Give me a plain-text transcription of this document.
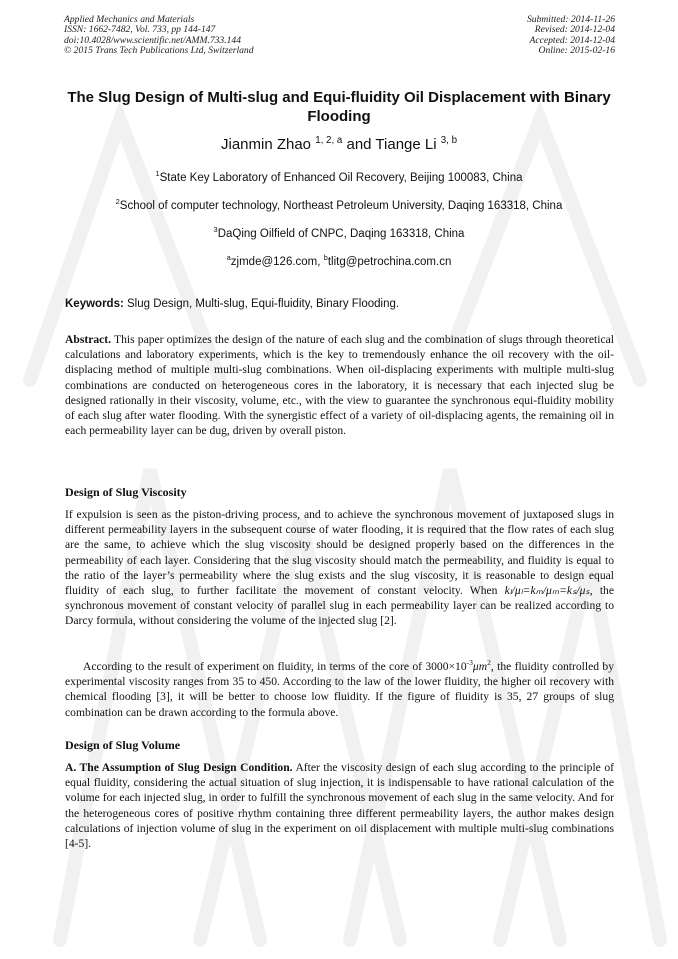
Applied Mechanics and Materials
ISSN: 1662-7482, Vol. 733, pp 144-147
doi:10.4028/www.scientific.net/AMM.733.144
© 2015 Trans Tech Publications Ltd, Switzerland
Submitted: 2014-11-26
Revised: 2014-12-04
Accepted: 2014-12-04
Online: 2015-02-16
The Slug Design of Multi-slug and Equi-fluidity Oil Displacement with Binary Flooding
Jianmin Zhao $^{1, 2, a}$ and Tiange Li $^{3, b}$
$^1$State Key Laboratory of Enhanced Oil Recovery, Beijing 100083, China
$^2$School of computer technology, Northeast Petroleum University, Daqing 163318, China
$^3$DaQing Oilfield of CNPC, Daqing 163318, China
$^a$zjmde@126.com, $^b$tlitg@petrochina.com.cn
Keywords: Slug Design, Multi-slug, Equi-fluidity, Binary Flooding.
Abstract. This paper optimizes the design of the nature of each slug and the combination of slugs through theoretical calculations and laboratory experiments, which is the key to tremendously enhance the oil recovery with the oil-displacing method of multiple multi-slug combinations. When oil-displacing experiments with multiple multi-slug combinations are conducted on heterogeneous cores in the laboratory, it is necessary that each injected slug be designed rationally in their viscosity, volume, etc., with the view to guarantee the synchronous equi-fluidity mobility of each slug after water flooding. With the synergistic effect of a variety of oil-displacing agents, the remaining oil in each permeability layer can be dug, driven by overall piston.
Design of Slug Viscosity
If expulsion is seen as the piston-driving process, and to achieve the synchronous movement of juxtaposed slugs in different permeability layers in the subsequent course of water flooding, it is required that the flow rates of each slug are the same, to achieve which the slug viscosity should be designed properly based on the differences in the permeability of each layer. Considering that the slug viscosity should match the permeability, and fluidity is equal to the ratio of the layer’s permeability where the slug exists and the slug viscosity, it is reasonable to design equal fluidity of each slug, to further facilitate the movement of constant velocity. When kₗ/μₗ=kₘ/μₘ=kₛ/μₛ, the synchronous movement of constant velocity of parallel slug in each permeability layer can be realized according to Darcy formula, without considering the volume of the injected slug [2].
According to the result of experiment on fluidity, in terms of the core of $3000\times 10^{-3}\mu m^2$, the fluidity controlled by experimental viscosity ranges from 35 to 450. According to the law of the lower fluidity, the higher oil recovery with chemical flooding [3], it will be better to choose low fluidity. If the figure of fluidity is 35, 27 groups of slug combination can be drawn according to the formula above.
Design of Slug Volume
A. The Assumption of Slug Design Condition. After the viscosity design of each slug according to the principle of equal fluidity, considering the actual situation of slug injection, it is indispensable to have rational calculation of the volume for each injected slug, in order to fulfill the synchronous movement of each slug in the same velocity. And for the heterogeneous cores of positive rhythm containing three different permeability layers, the author makes design calculations of injection volume of slug in the experiment on oil displacement with multiple multi-slug combinations [4-5].
